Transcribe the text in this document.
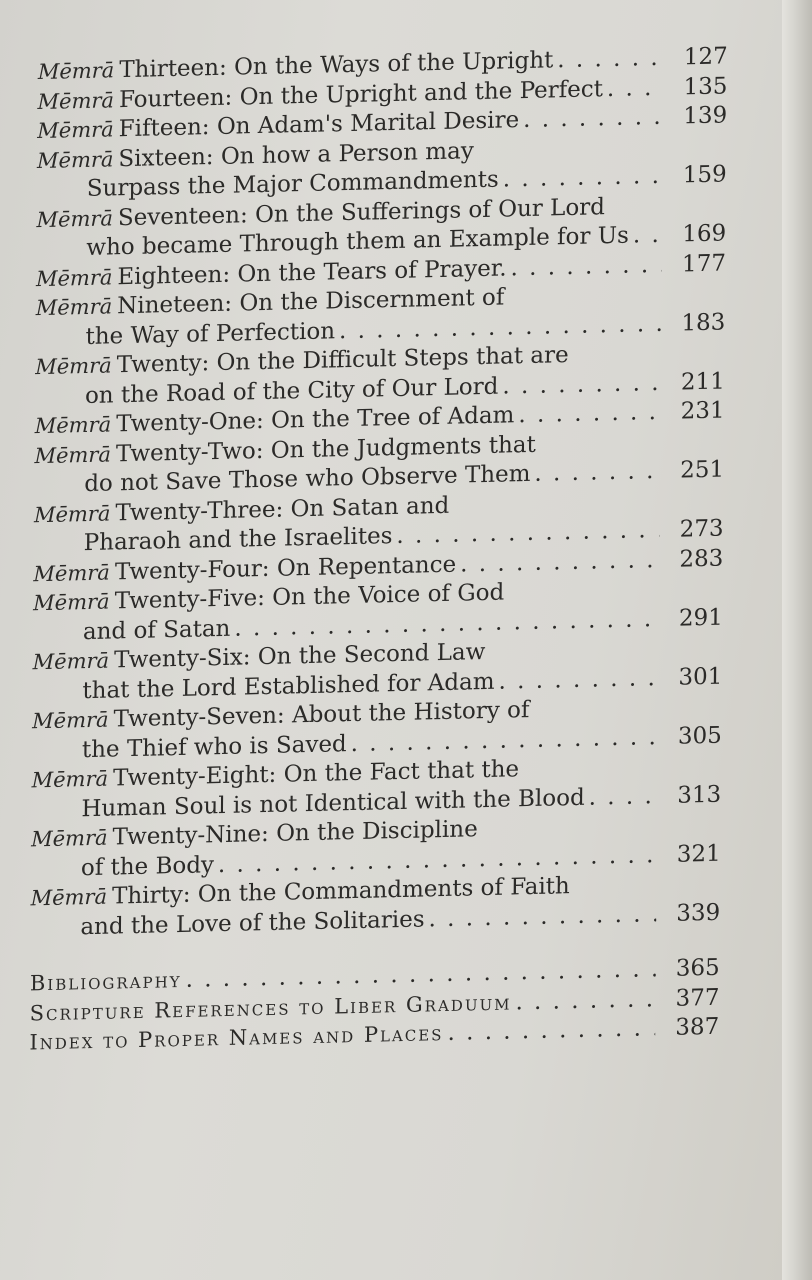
Mēmrā Thirteen: On the Ways of the Upright . . .	127
Mēmrā Fourteen: On the Upright and the Perfect . . .	135
Mēmrā Fifteen: On Adam's Marital Desire . . .	139
Mēmrā Sixteen: On how a Person may
Surpass the Major Commandments . . .	159
Mēmrā Seventeen: On the Sufferings of Our Lord
who became Through them an Example for Us . . . 169
Mēmrā Eighteen: On the Tears of Prayer. . . .	177
Mēmrā Nineteen: On the Discernment of
the Way of Perfection . . .	183
Mēmrā Twenty: On the Difficult Steps that are
on the Road of the City of Our Lord . . .	211
Mēmrā Twenty-One: On the Tree of Adam . . .	231
Mēmrā Twenty-Two: On the Judgments that
do not Save Those who Observe Them . . .	251
Mēmrā Twenty-Three: On Satan and
Pharaoh and the Israelites . . .	273
Mēmrā Twenty-Four: On Repentance . . .	283
Mēmrā Twenty-Five: On the Voice of God
and of Satan . . .	291
Mēmrā Twenty-Six: On the Second Law
that the Lord Established for Adam . . .	301
Mēmrā Twenty-Seven: About the History of
the Thief who is Saved . . .	305
Mēmrā Twenty-Eight: On the Fact that the
Human Soul is not Identical with the Blood . . .	313
Mēmrā Twenty-Nine: On the Discipline
of the Body . . .	321
Mēmrā Thirty: On the Commandments of Faith
and the Love of the Solitaries . . .	339
Bibliography . . .	365
Scripture References to Liber Graduum . . .	377
Index to Proper Names and Places . . .	387
